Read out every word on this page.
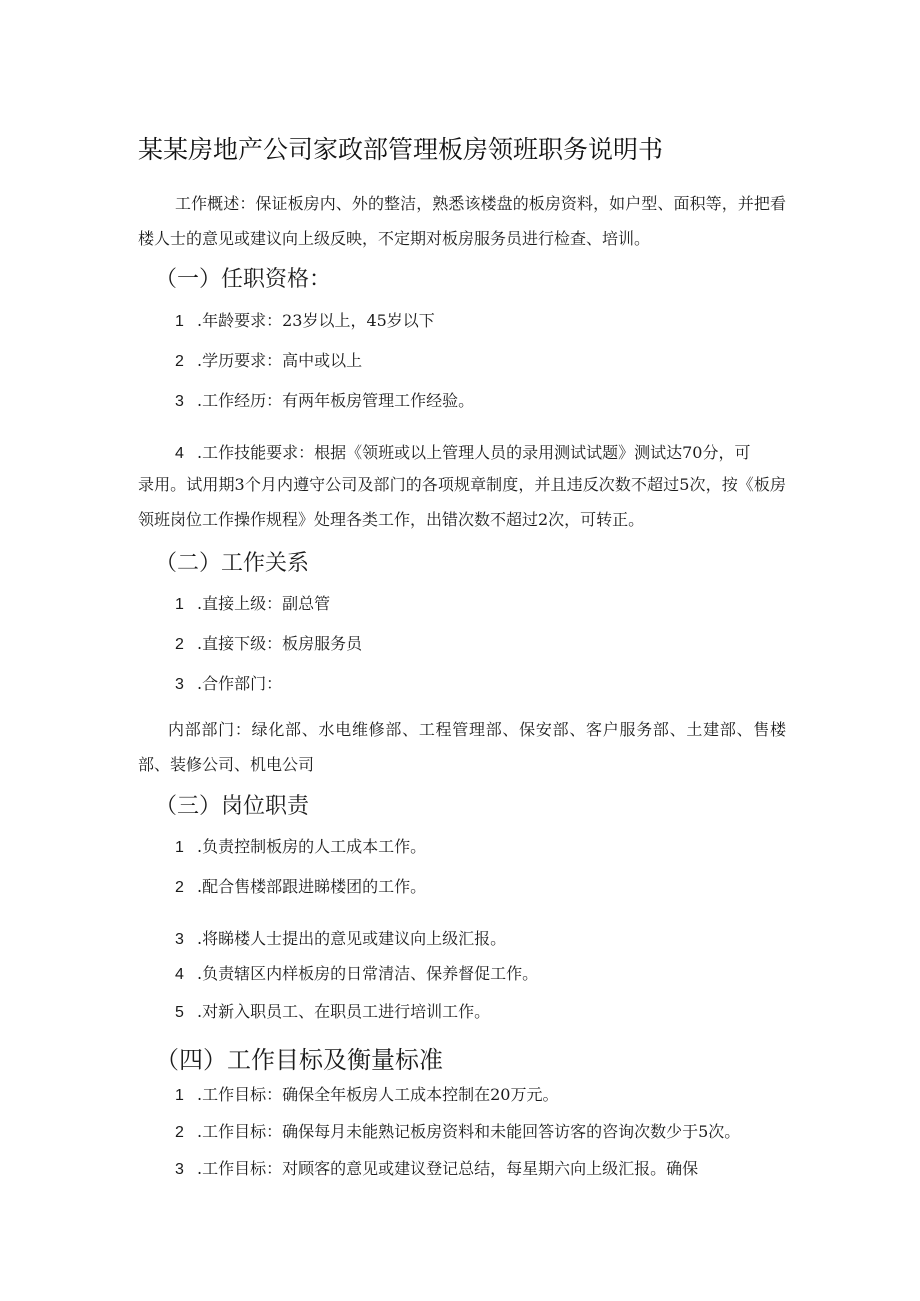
某某房地产公司家政部管理板房领班职务说明书
工作概述：保证板房内、外的整洁，熟悉该楼盘的板房资料，如户型、面积等，并把看楼人士的意见或建议向上级反映，不定期对板房服务员进行检查、培训。
（一）任职资格：
1 .年龄要求：23岁以上，45岁以下
2 .学历要求：高中或以上
3 .工作经历：有两年板房管理工作经验。
4 .工作技能要求：根据《领班或以上管理人员的录用测试试题》测试达70分，可
录用。试用期3个月内遵守公司及部门的各项规章制度，并且违反次数不超过5次，按《板房领班岗位工作操作规程》处理各类工作，出错次数不超过2次，可转正。
（二）工作关系
1 .直接上级：副总管
2 .直接下级：板房服务员
3 .合作部门：
内部部门：绿化部、水电维修部、工程管理部、保安部、客户服务部、土建部、售楼部、装修公司、机电公司
（三）岗位职责
1 .负责控制板房的人工成本工作。
2 .配合售楼部跟进睇楼团的工作。
3 .将睇楼人士提出的意见或建议向上级汇报。
4 .负责辖区内样板房的日常清洁、保养督促工作。
5 .对新入职员工、在职员工进行培训工作。
（四）工作目标及衡量标准
1 .工作目标：确保全年板房人工成本控制在20万元。
2 .工作目标：确保每月未能熟记板房资料和未能回答访客的咨询次数少于5次。
3 .工作目标：对顾客的意见或建议登记总结，每星期六向上级汇报。确保
